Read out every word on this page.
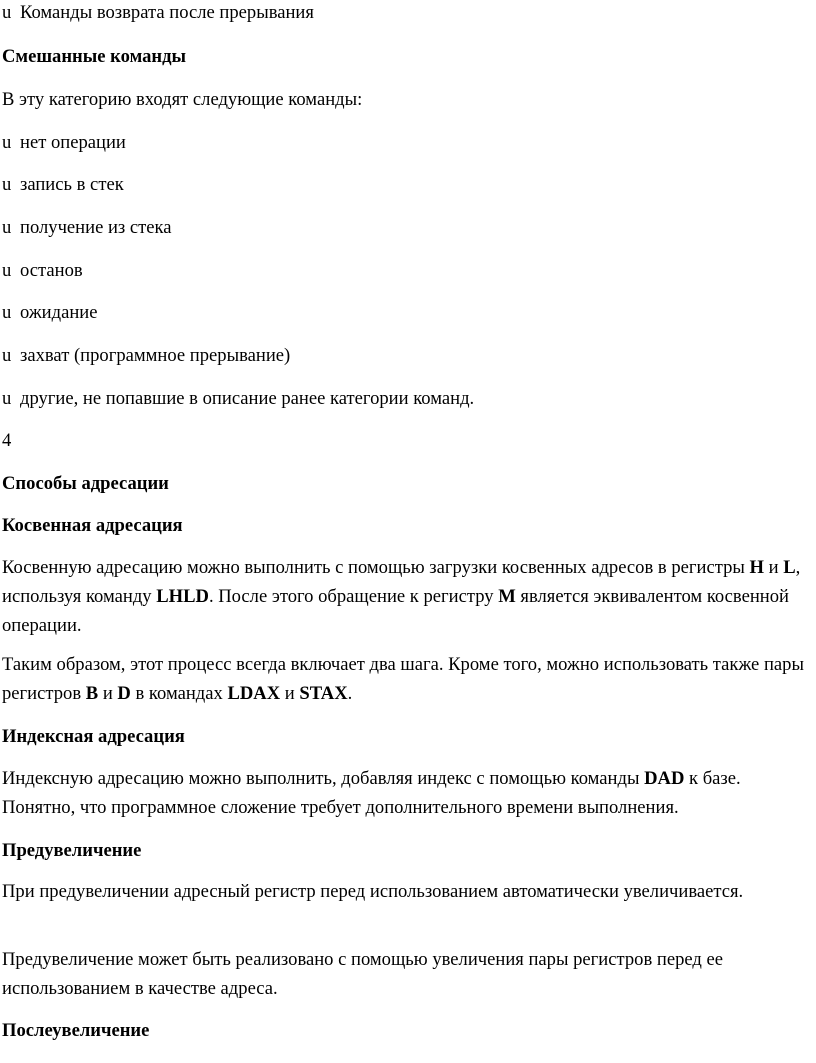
u Команды возврата после прерывания
Смешанные команды
В эту категорию входят следующие команды:
u нет операции
u запись в стек
u получение из стека
u останов
u ожидание
u захват (программное прерывание)
u другие, не попавшие в описание ранее категории команд.
4
Способы адресации
Косвенная адресация
Косвенную адресацию можно выполнить с помощью загрузки косвенных адресов в регистры H и L, используя команду LHLD. После этого обращение к регистру M является эквивалентом косвенной операции.
Таким образом, этот процесс всегда включает два шага. Кроме того, можно использовать также пары регистров B и D в командах LDAX и STAX.
Индексная адресация
Индексную адресацию можно выполнить, добавляя индекс с помощью команды DAD к базе. Понятно, что программное сложение требует дополнительного времени выполнения.
Предувеличение
При предувеличении адресный регистр перед использованием автоматически увеличивается.
Предувеличение может быть реализовано с помощью увеличения пары регистров перед ее использованием в качестве адреса.
Послеувеличение
